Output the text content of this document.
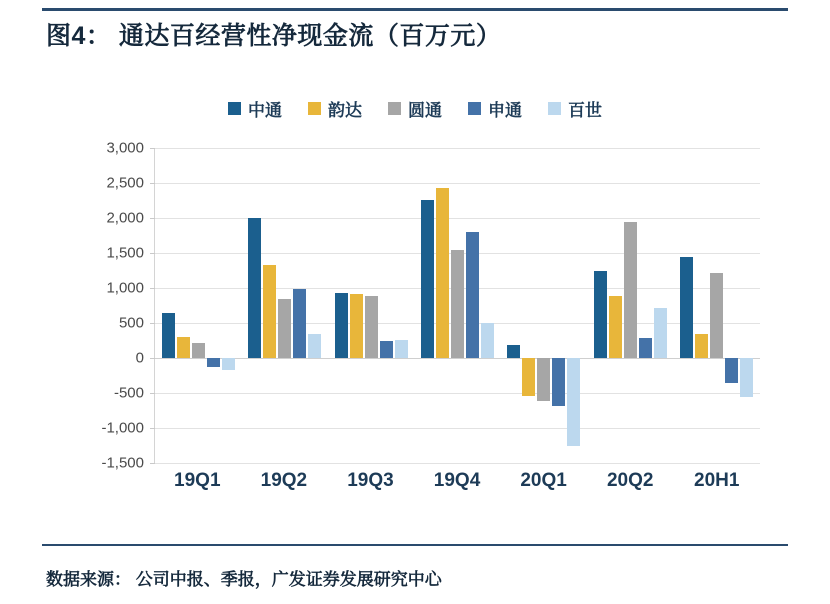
图4： 通达百经营性净现金流（百万元）
中通	韵达	圆通	申通	百世
3,000
2,500
2,000
1,500
1,000
500
0
-500
-1,000
-1,500
19Q1	19Q2	19Q3	19Q4	20Q1	20Q2	20H1
数据来源： 公司中报、季报，广发证券发展研究中心
